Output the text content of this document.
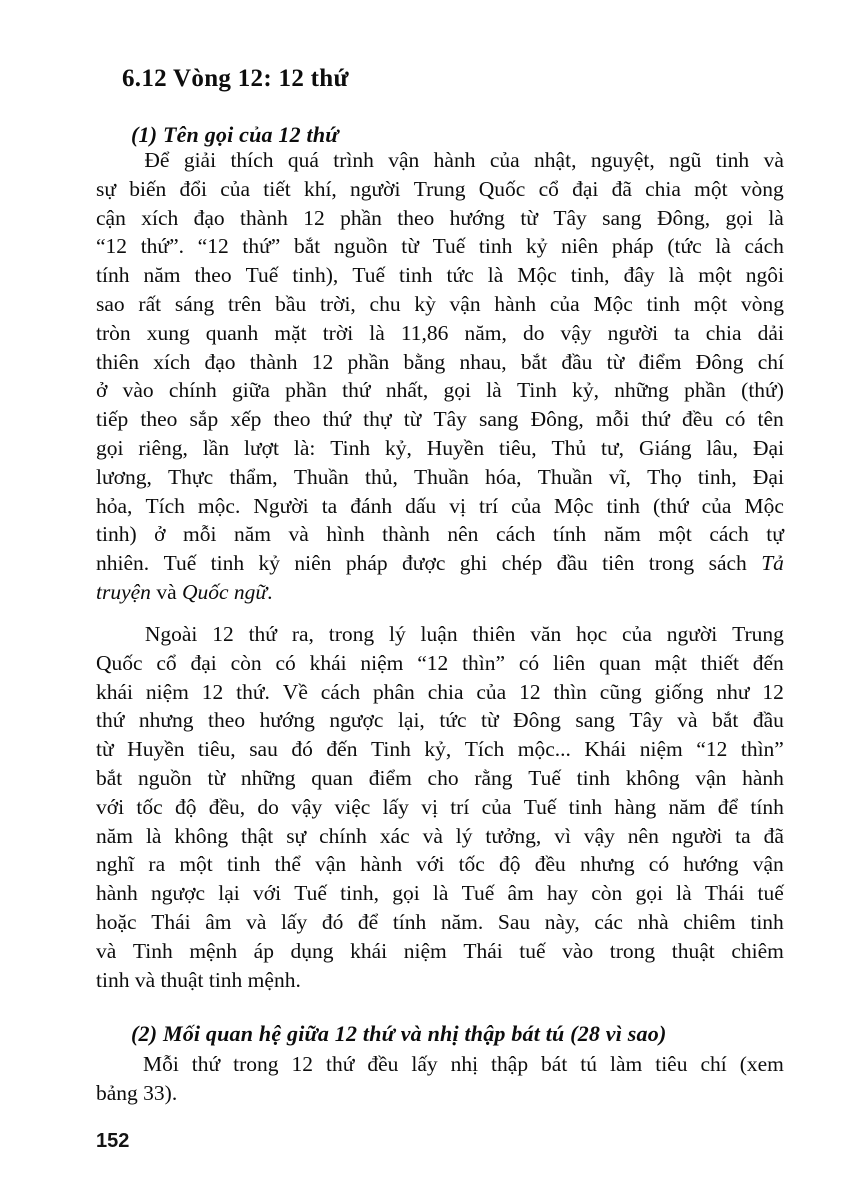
6.12 Vòng 12: 12 thứ
(1) Tên gọi của 12 thứ
Để giải thích quá trình vận hành của nhật, nguyệt, ngũ tinh và
sự biến đổi của tiết khí, người Trung Quốc cổ đại đã chia một vòng
cận xích đạo thành 12 phần theo hướng từ Tây sang Đông, gọi là
“12 thứ”. “12 thứ” bắt nguồn từ Tuế tinh kỷ niên pháp (tức là cách
tính năm theo Tuế tinh), Tuế tinh tức là Mộc tinh, đây là một ngôi
sao rất sáng trên bầu trời, chu kỳ vận hành của Mộc tinh một vòng
tròn xung quanh mặt trời là 11,86 năm, do vậy người ta chia dải
thiên xích đạo thành 12 phần bằng nhau, bắt đầu từ điểm Đông chí
ở vào chính giữa phần thứ nhất, gọi là Tinh kỷ, những phần (thứ)
tiếp theo sắp xếp theo thứ thự từ Tây sang Đông, mỗi thứ đều có tên
gọi riêng, lần lượt là: Tinh kỷ, Huyền tiêu, Thủ tư, Giáng lâu, Đại
lương, Thực thẩm, Thuần thủ, Thuần hóa, Thuần vĩ, Thọ tinh, Đại
hỏa, Tích mộc. Người ta đánh dấu vị trí của Mộc tinh (thứ của Mộc
tinh) ở mỗi năm và hình thành nên cách tính năm một cách tự
nhiên. Tuế tinh kỷ niên pháp được ghi chép đầu tiên trong sách Tả
truyện và Quốc ngữ.
Ngoài 12 thứ ra, trong lý luận thiên văn học của người Trung
Quốc cổ đại còn có khái niệm “12 thìn” có liên quan mật thiết đến
khái niệm 12 thứ. Về cách phân chia của 12 thìn cũng giống như 12
thứ nhưng theo hướng ngược lại, tức từ Đông sang Tây và bắt đầu
từ Huyền tiêu, sau đó đến Tinh kỷ, Tích mộc... Khái niệm “12 thìn”
bắt nguồn từ những quan điểm cho rằng Tuế tinh không vận hành
với tốc độ đều, do vậy việc lấy vị trí của Tuế tinh hàng năm để tính
năm là không thật sự chính xác và lý tưởng, vì vậy nên người ta đã
nghĩ ra một tinh thể vận hành với tốc độ đều nhưng có hướng vận
hành ngược lại với Tuế tinh, gọi là Tuế âm hay còn gọi là Thái tuế
hoặc Thái âm và lấy đó để tính năm. Sau này, các nhà chiêm tinh
và Tinh mệnh áp dụng khái niệm Thái tuế vào trong thuật chiêm
tinh và thuật tinh mệnh.
(2) Mối quan hệ giữa 12 thứ và nhị thập bát tú (28 vì sao)
Mỗi thứ trong 12 thứ đều lấy nhị thập bát tú làm tiêu chí (xem
bảng 33).
152
